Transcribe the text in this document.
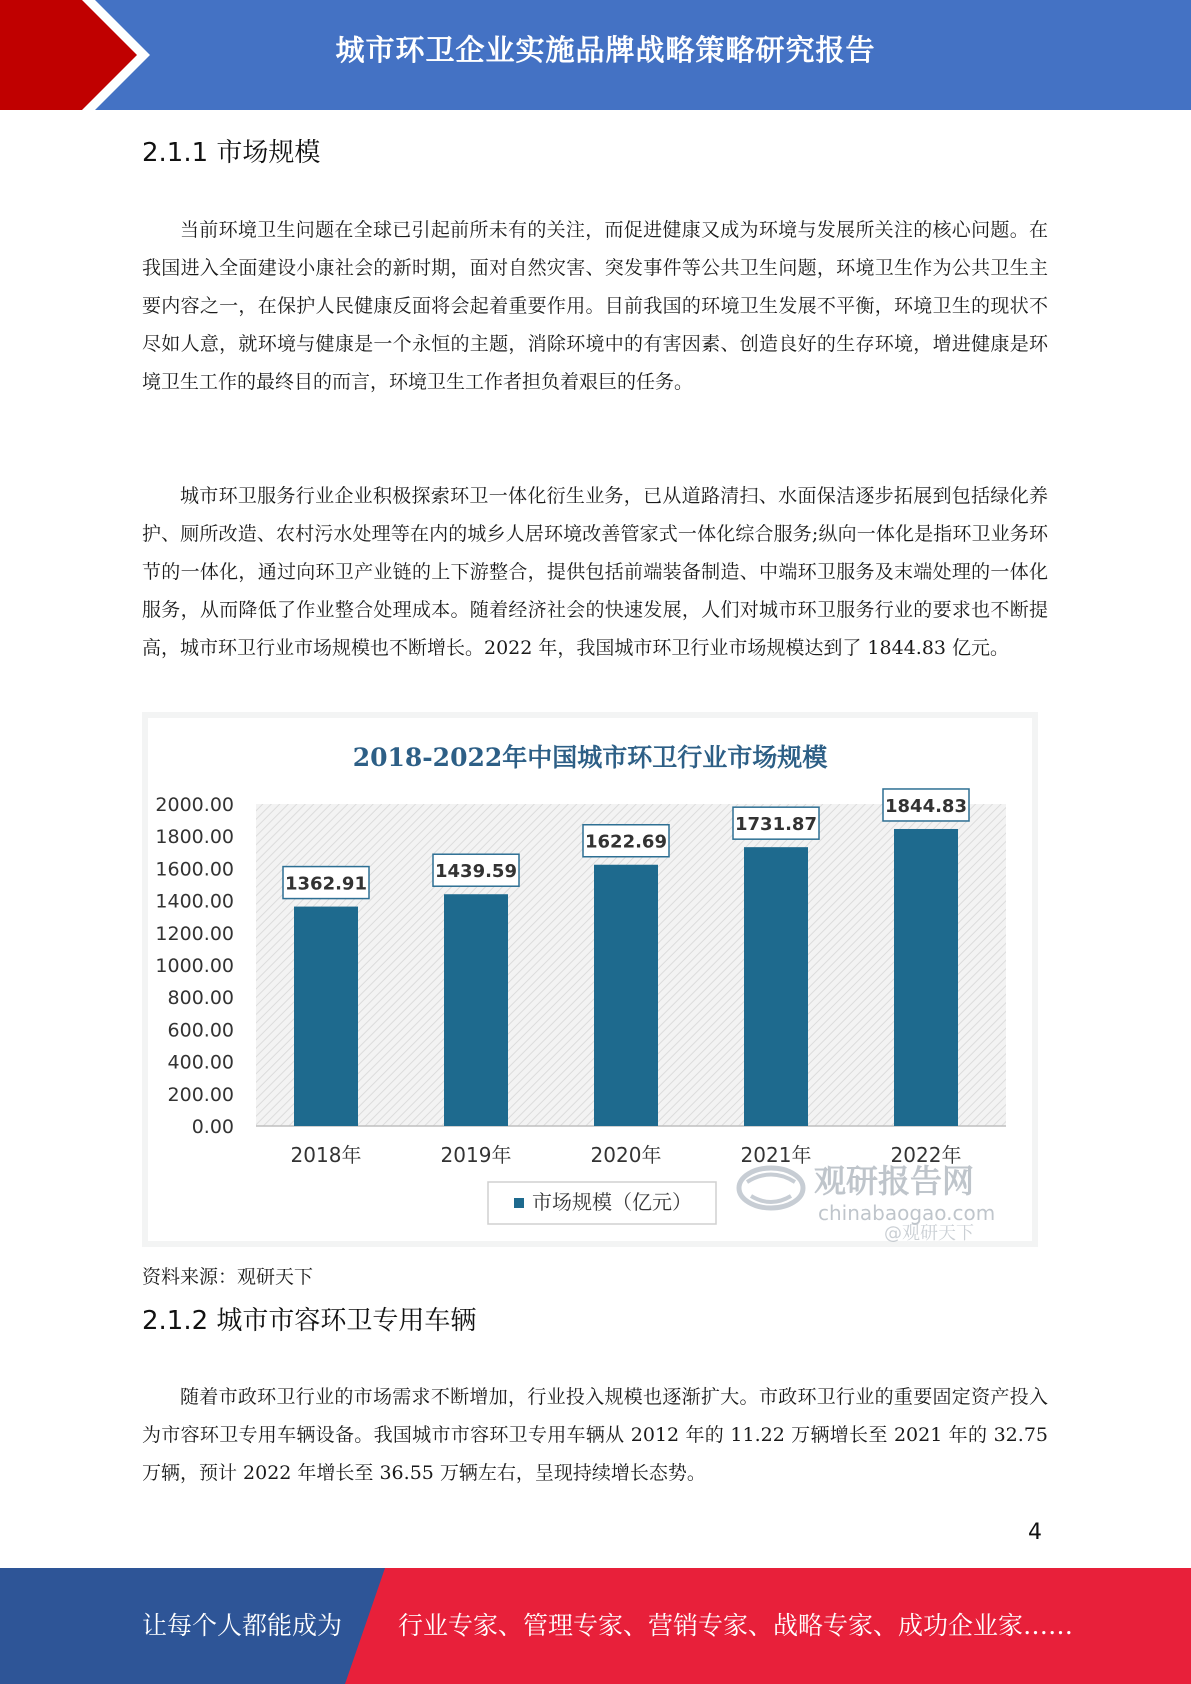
城市环卫企业实施品牌战略策略研究报告
2.1.1 市场规模

当前环境卫生问题在全球已引起前所未有的关注，而促进健康又成为环境与发展所关注的核心问题。在我国进入全面建设小康社会的新时期，面对自然灾害、突发事件等公共卫生问题，环境卫生作为公共卫生主要内容之一，在保护人民健康反面将会起着重要作用。目前我国的环境卫生发展不平衡，环境卫生的现状不尽如人意，就环境与健康是一个永恒的主题，消除环境中的有害因素、创造良好的生存环境，增进健康是环境卫生工作的最终目的而言，环境卫生工作者担负着艰巨的任务。

城市环卫服务行业企业积极探索环卫一体化衍生业务，已从道路清扫、水面保洁逐步拓展到包括绿化养护、厕所改造、农村污水处理等在内的城乡人居环境改善管家式一体化综合服务;纵向一体化是指环卫业务环节的一体化，通过向环卫产业链的上下游整合，提供包括前端装备制造、中端环卫服务及末端处理的一体化服务，从而降低了作业整合处理成本。随着经济社会的快速发展，人们对城市环卫服务行业的要求也不断提高，城市环卫行业市场规模也不断增长。2022 年，我国城市环卫行业市场规模达到了 1844.83 亿元。

2018-2022年中国城市环卫行业市场规模
0.00
200.00
400.00
600.00
800.00
1000.00
1200.00
1400.00
1600.00
1800.00
2000.00
1362.91
1439.59
1622.69
1731.87
1844.83
2018年	2019年	2020年	2021年	2022年
市场规模（亿元）
观研报告网
chinabaogao.com
@观研天下
资料来源：观研天下
2.1.2 城市市容环卫专用车辆

随着市政环卫行业的市场需求不断增加，行业投入规模也逐渐扩大。市政环卫行业的重要固定资产投入为市容环卫专用车辆设备。我国城市市容环卫专用车辆从 2012 年的 11.22 万辆增长至 2021 年的 32.75 万辆，预计 2022 年增长至 36.55 万辆左右，呈现持续增长态势。

4
让每个人都能成为 行业专家、管理专家、营销专家、战略专家、成功企业家……
